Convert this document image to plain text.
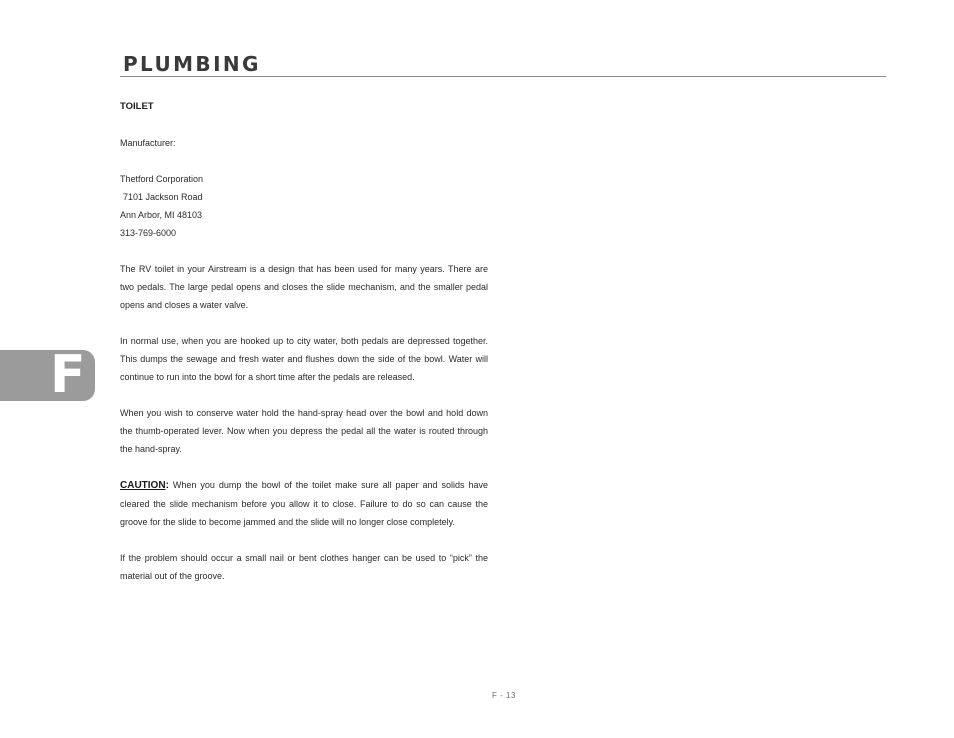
PLUMBING

TOILET

Manufacturer:

Thetford Corporation

7101 Jackson Road

Ann Arbor, MI 48103

313-769-6000

The RV toilet in your Airstream is a design that has been used for many years. There are two pedals. The large pedal opens and closes the slide mechanism, and the smaller pedal opens and closes a water valve.

In normal use, when you are hooked up to city water, both pedals are depressed together. This dumps the sewage and fresh water and flushes down the side of the bowl. Water will continue to run into the bowl for a short time after the pedals are released.

When you wish to conserve water hold the hand-spray head over the bowl and hold down the thumb-operated lever. Now when you depress the pedal all the water is routed through the hand-spray.

CAUTION: When you dump the bowl of the toilet make sure all paper and solids have cleared the slide mechanism before you allow it to close. Failure to do so can cause the groove for the slide to become jammed and the slide will no longer close completely.

If the problem should occur a small nail or bent clothes hanger can be used to “pick” the material out of the groove.

F
F - 13
